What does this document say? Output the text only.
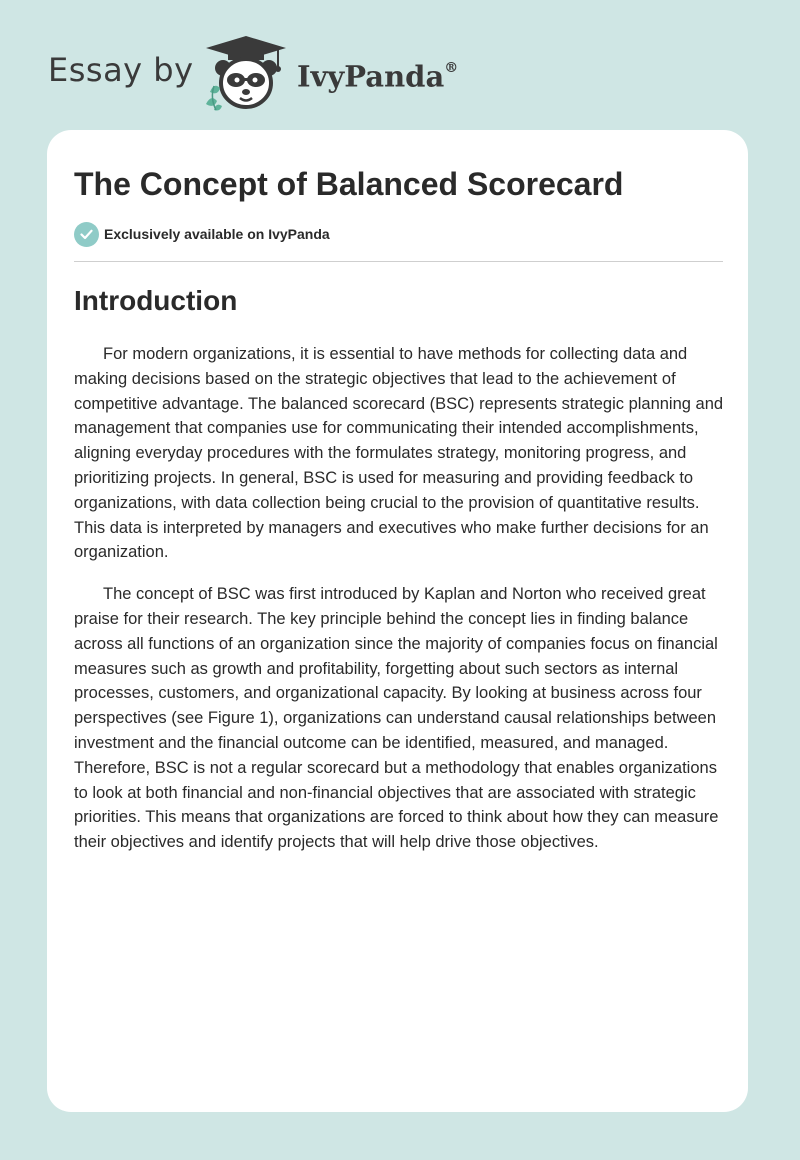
Essay by	IvyPanda®
The Concept of Balanced Scorecard
Exclusively available on IvyPanda
Introduction

For modern organizations, it is essential to have methods for collecting data and making decisions based on the strategic objectives that lead to the achievement of competitive advantage. The balanced scorecard (BSC) represents strategic planning and management that companies use for communicating their intended accomplishments, aligning everyday procedures with the formulates strategy, monitoring progress, and prioritizing projects. In general, BSC is used for measuring and providing feedback to organizations, with data collection being crucial to the provision of quantitative results. This data is interpreted by managers and executives who make further decisions for an organization.

The concept of BSC was first introduced by Kaplan and Norton who received great praise for their research. The key principle behind the concept lies in finding balance across all functions of an organization since the majority of companies focus on financial measures such as growth and profitability, forgetting about such sectors as internal processes, customers, and organizational capacity. By looking at business across four perspectives (see Figure 1), organizations can understand causal relationships between investment and the financial outcome can be identified, measured, and managed. Therefore, BSC is not a regular scorecard but a methodology that enables organizations to look at both financial and non-financial objectives that are associated with strategic priorities. This means that organizations are forced to think about how they can measure their objectives and identify projects that will help drive those objectives.
